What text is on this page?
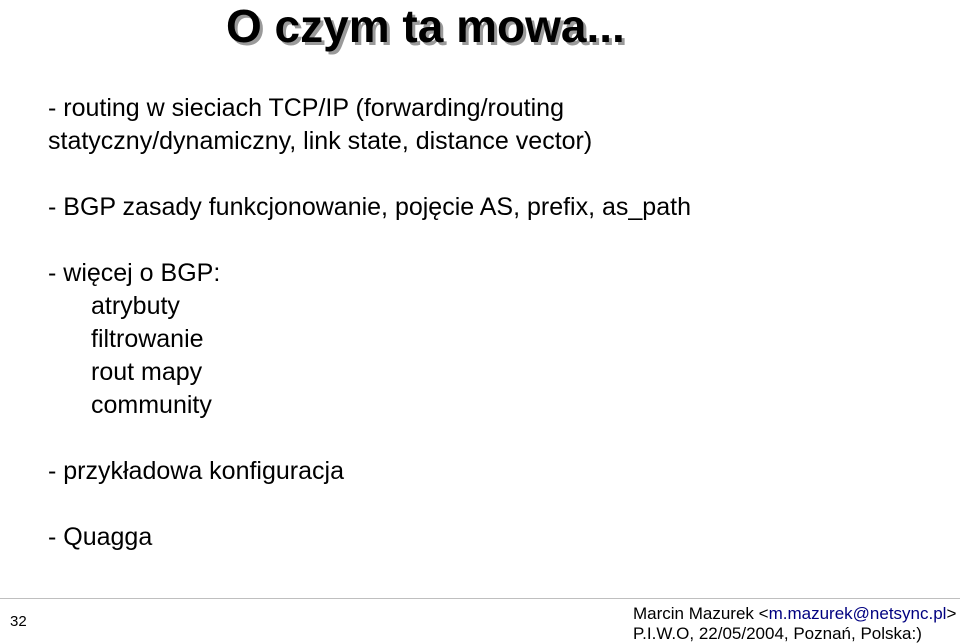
O czym ta mowa...

- routing w sieciach TCP/IP (forwarding/routing

statyczny/dynamiczny, link state, distance vector)

- BGP zasady funkcjonowanie, pojęcie AS, prefix, as_path

- więcej o BGP:

atrybuty

filtrowanie

rout mapy

community

- przykładowa konfiguracja

- Quagga

32	Marcin Mazurek <m.mazurek@netsync.pl>
P.I.W.O, 22/05/2004, Poznań, Polska:)
